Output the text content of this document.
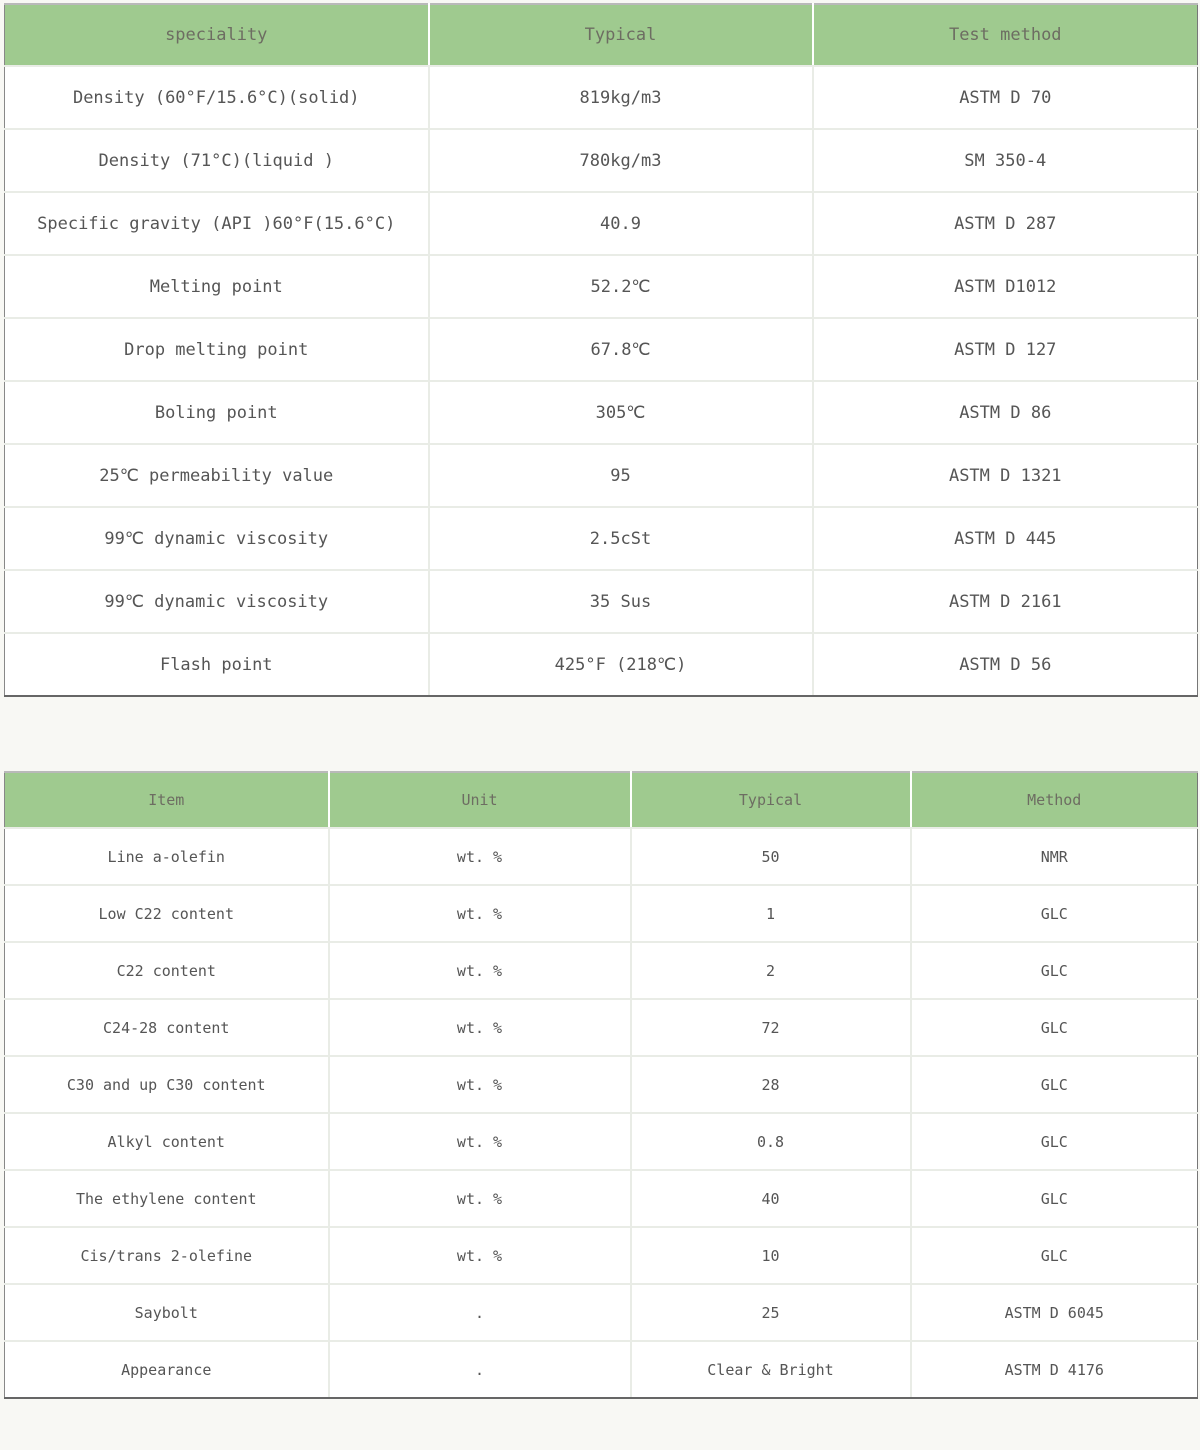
speciality	Typical	Test method
Density (60°F/15.6°C)(solid)	819kg/m3	ASTM D 70
Density (71°C)(liquid )	780kg/m3	SM 350-4
Specific gravity (API )60°F(15.6°C)	40.9	ASTM D 287
Melting point	52.2℃	ASTM D1012
Drop melting point	67.8℃	ASTM D 127
Boling point	305℃	ASTM D 86
25℃ permeability value	95	ASTM D 1321
99℃ dynamic viscosity	2.5cSt	ASTM D 445
99℃ dynamic viscosity	35 Sus	ASTM D 2161
Flash point	425°F (218℃)	ASTM D 56
Item	Unit	Typical	Method
Line a-olefin	wt. %	50	NMR
Low C22 content	wt. %	1	GLC
C22 content	wt. %	2	GLC
C24-28 content	wt. %	72	GLC
C30 and up C30 content	wt. %	28	GLC
Alkyl content	wt. %	0.8	GLC
The ethylene content	wt. %	40	GLC
Cis/trans 2-olefine	wt. %	10	GLC
Saybolt	.	25	ASTM D 6045
Appearance	.	Clear & Bright	ASTM D 4176
